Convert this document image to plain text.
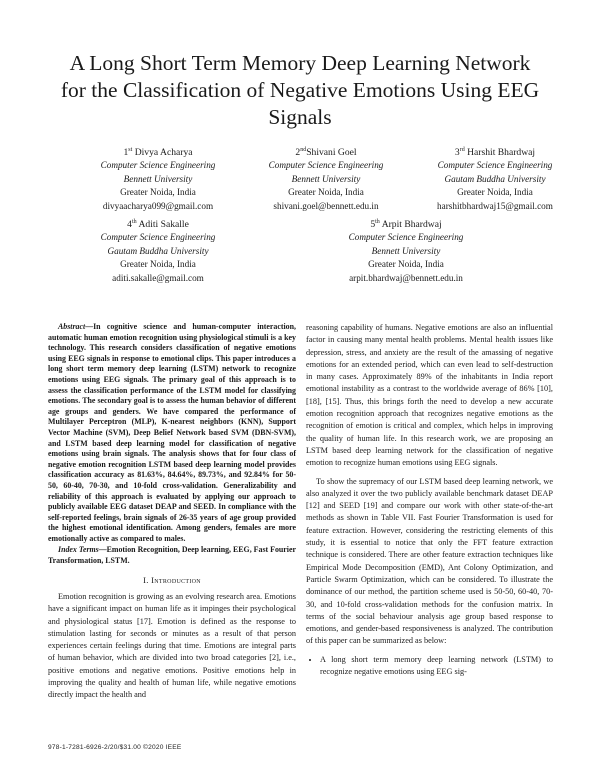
A Long Short Term Memory Deep Learning Network for the Classification of Negative Emotions Using EEG Signals
1st Divya Acharya
Computer Science Engineering
Bennett University
Greater Noida, India
divyaacharya099@gmail.com
2ndShivani Goel
Computer Science Engineering
Bennett University
Greater Noida, India
shivani.goel@bennett.edu.in
3rd Harshit Bhardwaj
Computer Science Engineering
Gautam Buddha University
Greater Noida, India
harshitbhardwaj15@gmail.com
4th Aditi Sakalle
Computer Science Engineering
Gautam Buddha University
Greater Noida, India
aditi.sakalle@gmail.com
5th Arpit Bhardwaj
Computer Science Engineering
Bennett University
Greater Noida, India
arpit.bhardwaj@bennett.edu.in

Abstract—In cognitive science and human-computer interaction, automatic human emotion recognition using physiological stimuli is a key technology. This research considers classification of negative emotions using EEG signals in response to emotional clips. This paper introduces a long short term memory deep learning (LSTM) network to recognize emotions using EEG signals. The primary goal of this approach is to assess the classification performance of the LSTM model for classifying emotions. The secondary goal is to assess the human behavior of different age groups and genders. We have compared the performance of Multilayer Perceptron (MLP), K-nearest neighbors (KNN), Support Vector Machine (SVM), Deep Belief Network based SVM (DBN-SVM), and LSTM based deep learning model for classification of negative emotions using brain signals. The analysis shows that for four class of negative emotion recognition LSTM based deep learning model provides classification accuracy as 81.63%, 84.64%, 89.73%, and 92.84% for 50-50, 60-40, 70-30, and 10-fold cross-validation. Generalizability and reliability of this approach is evaluated by applying our approach to publicly available EEG dataset DEAP and SEED. In compliance with the self-reported feelings, brain signals of 26-35 years of age group provided the highest emotional identification. Among genders, females are more emotionally active as compared to males.

Index Terms—Emotion Recognition, Deep learning, EEG, Fast Fourier Transformation, LSTM.

I. Introduction

Emotion recognition is growing as an evolving research area. Emotions have a significant impact on human life as it impinges their psychological and physiological status [17]. Emotion is defined as the response to stimulation lasting for seconds or minutes as a result of that person experiences certain feelings during that time. Emotions are integral parts of human behavior, which are divided into two broad categories [2], i.e., positive emotions and negative emotions. Positive emotions help in improving the quality and health of human life, while negative emotions directly impact the health and

reasoning capability of humans. Negative emotions are also an influential factor in causing many mental health problems. Mental health issues like depression, stress, and anxiety are the result of the amassing of negative emotions for an extended period, which can even lead to self-destruction in many cases. Approximately 89% of the inhabitants in India report emotional instability as a contrast to the worldwide average of 86% [10], [18], [15]. Thus, this brings forth the need to develop a new accurate emotion recognition approach that recognizes negative emotions as the recognition of emotion is critical and complex, which helps in improving the quality of human life. In this research work, we are proposing an LSTM based deep learning network for the classification of negative emotion to recognize human emotions using EEG signals.

To show the supremacy of our LSTM based deep learning network, we also analyzed it over the two publicly available benchmark dataset DEAP [12] and SEED [19] and compare our work with other state-of-the-art methods as shown in Table VII. Fast Fourier Transformation is used for feature extraction. However, considering the restricting elements of this study, it is essential to notice that only the FFT feature extraction technique is considered. There are other feature extraction techniques like Empirical Mode Decomposition (EMD), Ant Colony Optimization, and Particle Swarm Optimization, which can be considered. To illustrate the dominance of our method, the partition scheme used is 50-50, 60-40, 70-30, and 10-fold cross-validation methods for the confusion matrix. In terms of the social behaviour analysis age group based response to emotions, and gender-based responsiveness is analyzed. The contribution of this paper can be summarized as below:

• A long short term memory deep learning network (LSTM) to recognize negative emotions using EEG sig-
978-1-7281-6926-2/20/$31.00 ©2020 IEEE
